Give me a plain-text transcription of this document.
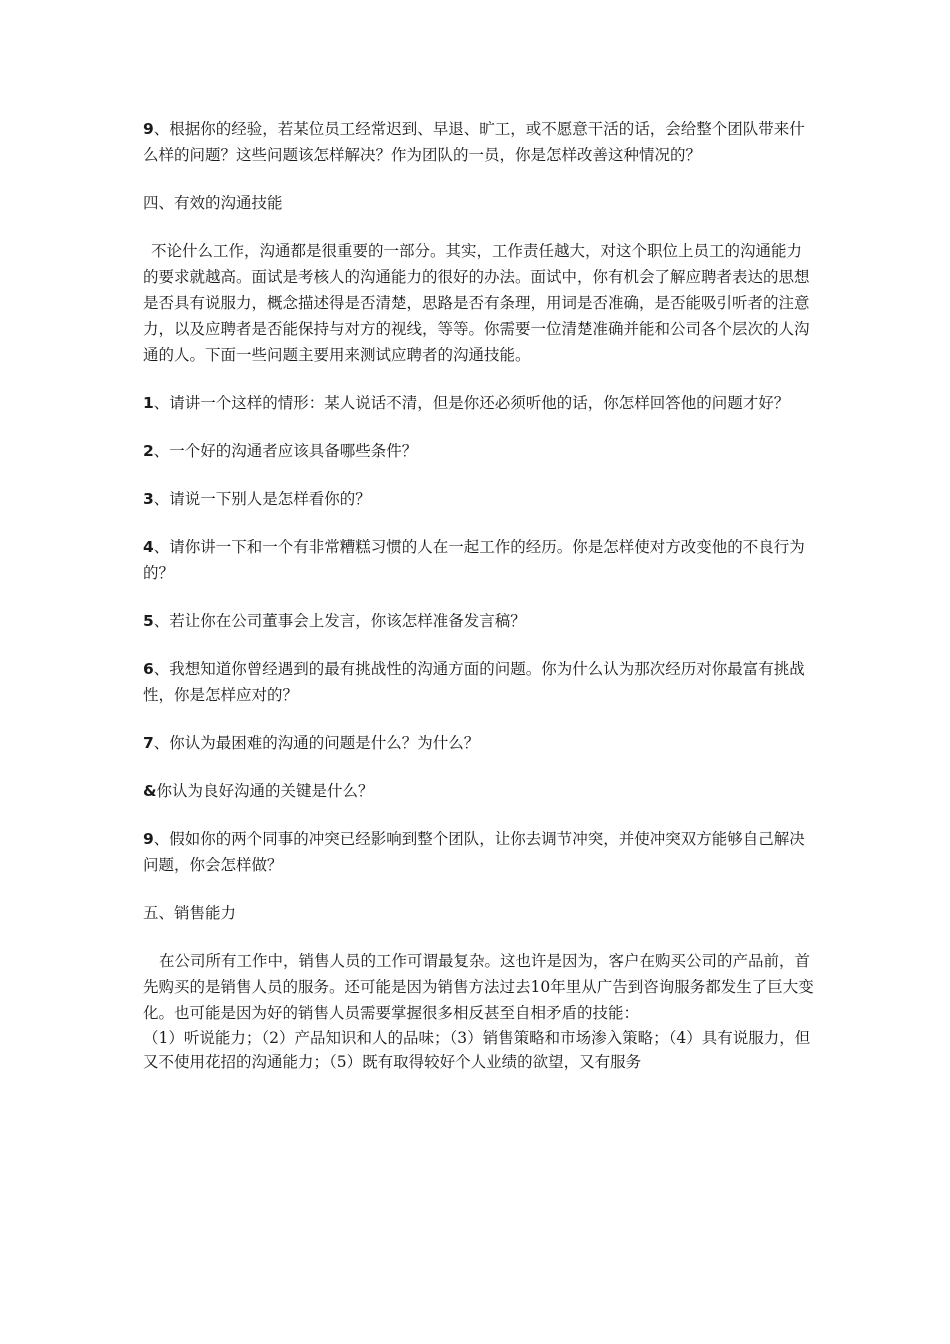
9、根据你的经验，若某位员工经常迟到、早退、旷工，或不愿意干活的话，会给整个团队带来什么样的问题？这些问题该怎样解决？作为团队的一员，你是怎样改善这种情况的？

四、有效的沟通技能

不论什么工作，沟通都是很重要的一部分。其实，工作责任越大，对这个职位上员工的沟通能力的要求就越高。面试是考核人的沟通能力的很好的办法。面试中，你有机会了解应聘者表达的思想是否具有说服力，概念描述得是否清楚，思路是否有条理，用词是否准确，是否能吸引听者的注意力，以及应聘者是否能保持与对方的视线，等等。你需要一位清楚准确并能和公司各个层次的人沟通的人。下面一些问题主要用来测试应聘者的沟通技能。

1、请讲一个这样的情形：某人说话不清，但是你还必须听他的话，你怎样回答他的问题才好？

2、一个好的沟通者应该具备哪些条件？

3、请说一下别人是怎样看你的？

4、请你讲一下和一个有非常糟糕习惯的人在一起工作的经历。你是怎样使对方改变他的不良行为的？

5、若让你在公司董事会上发言，你该怎样准备发言稿？

6、我想知道你曾经遇到的最有挑战性的沟通方面的问题。你为什么认为那次经历对你最富有挑战性，你是怎样应对的？

7、你认为最困难的沟通的问题是什么？为什么？

&你认为良好沟通的关键是什么？

9、假如你的两个同事的冲突已经影响到整个团队，让你去调节冲突，并使冲突双方能够自己解决问题，你会怎样做？

五、销售能力

在公司所有工作中，销售人员的工作可谓最复杂。这也许是因为，客户在购买公司的产品前，首先购买的是销售人员的服务。还可能是因为销售方法过去10年里从广告到咨询服务都发生了巨大变化。也可能是因为好的销售人员需要掌握很多相反甚至自相矛盾的技能：

（1）听说能力；（2）产品知识和人的品味；（3）销售策略和市场渗入策略；（4）具有说服力，但又不使用花招的沟通能力；（5）既有取得较好个人业绩的欲望，又有服务
